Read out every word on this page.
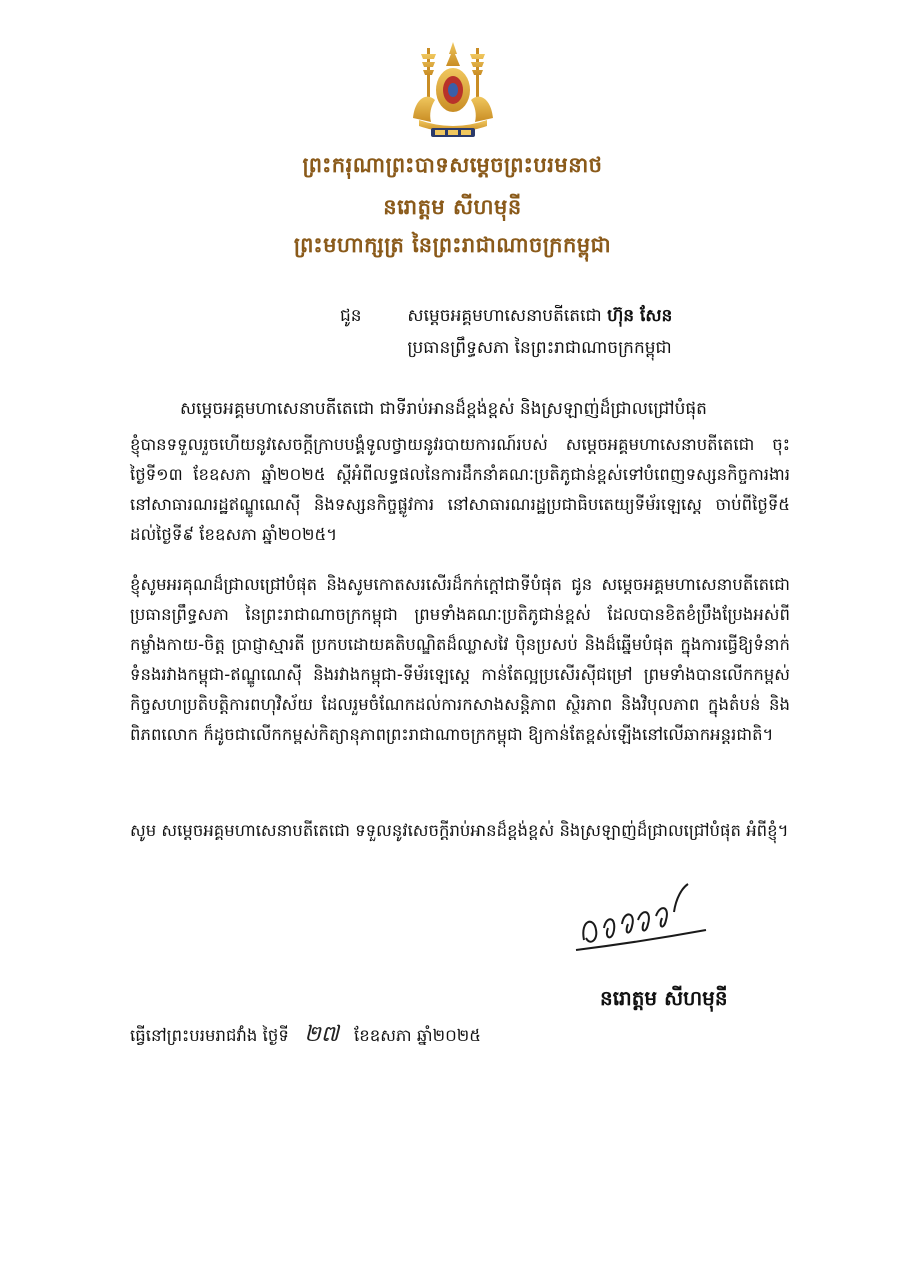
ព្រះករុណាព្រះបាទសម្តេចព្រះបរមនាថ
នរោត្តម សីហមុនី
ព្រះមហាក្សត្រ នៃព្រះរាជាណាចក្រកម្ពុជា
ជូន	សម្តេចអគ្គមហាសេនាបតីតេជោ ហ៊ុន សែន
ប្រធានព្រឹទ្ធសភា នៃព្រះរាជាណាចក្រកម្ពុជា
សម្តេចអគ្គមហាសេនាបតីតេជោ ជាទីរាប់អានដ៏ខ្ពង់ខ្ពស់ និងស្រឡាញ់ដ៏ជ្រាលជ្រៅបំផុត
ខ្ញុំបានទទួលរួចហើយនូវសេចក្តីក្រាបបង្គំទូលថ្វាយនូវរបាយការណ៍របស់ សម្តេចអគ្គមហាសេនាបតីតេជោ ចុះថ្ងៃទី១៣ ខែឧសភា ឆ្នាំ២០២៥ ស្តីអំពីលទ្ធផលនៃការដឹកនាំគណៈប្រតិភូជាន់ខ្ពស់ទៅបំពេញទស្សនកិច្ចការងារ នៅសាធារណរដ្ឋឥណ្ឌូណេស៊ី និងទស្សនកិច្ចផ្លូវការ នៅសាធារណរដ្ឋប្រជាធិបតេយ្យទីម័រឡេស្តេ ចាប់ពីថ្ងៃទី៥ ដល់ថ្ងៃទី៩ ខែឧសភា ឆ្នាំ២០២៥។
ខ្ញុំសូមអរគុណដ៏ជ្រាលជ្រៅបំផុត និងសូមកោតសរសើរដ៏កក់ក្តៅជាទីបំផុត ជូន សម្តេចអគ្គមហាសេនាបតីតេជោ ប្រធានព្រឹទ្ធសភា នៃព្រះរាជាណាចក្រកម្ពុជា ព្រមទាំងគណៈប្រតិភូជាន់ខ្ពស់ ដែលបានខិតខំប្រឹងប្រែងអស់ពីកម្លាំងកាយ-ចិត្ត ប្រាជ្ញាស្មារតី ប្រកបដោយគតិបណ្ឌិតដ៏ឈ្លាសវៃ ប៉ិនប្រសប់ និងដ៏ឆ្នើមបំផុត ក្នុងការធ្វើឱ្យទំនាក់ទំនងរវាងកម្ពុជា-ឥណ្ឌូណេស៊ី និងរវាងកម្ពុជា-ទីម័រឡេស្តេ កាន់តែល្អប្រសើរស៊ីជម្រៅ ព្រមទាំងបានលើកកម្ពស់កិច្ចសហប្រតិបត្តិការពហុវិស័យ ដែលរួមចំណែកដល់ការកសាងសន្តិភាព ស្ថិរភាព និងវិបុលភាព ក្នុងតំបន់ និងពិភពលោក ក៏ដូចជាលើកកម្ពស់កិត្យានុភាពព្រះរាជាណាចក្រកម្ពុជា ឱ្យកាន់តែខ្ពស់ឡើងនៅលើឆាកអន្តរជាតិ។
សូម សម្តេចអគ្គមហាសេនាបតីតេជោ ទទួលនូវសេចក្តីរាប់អានដ៏ខ្ពង់ខ្ពស់ និងស្រឡាញ់ដ៏ជ្រាលជ្រៅបំផុត អំពីខ្ញុំ។
នរោត្តម សីហមុនី
ធ្វើនៅព្រះបរមរាជវាំង ថ្ងៃទី ២៧ ខែឧសភា ឆ្នាំ២០២៥
